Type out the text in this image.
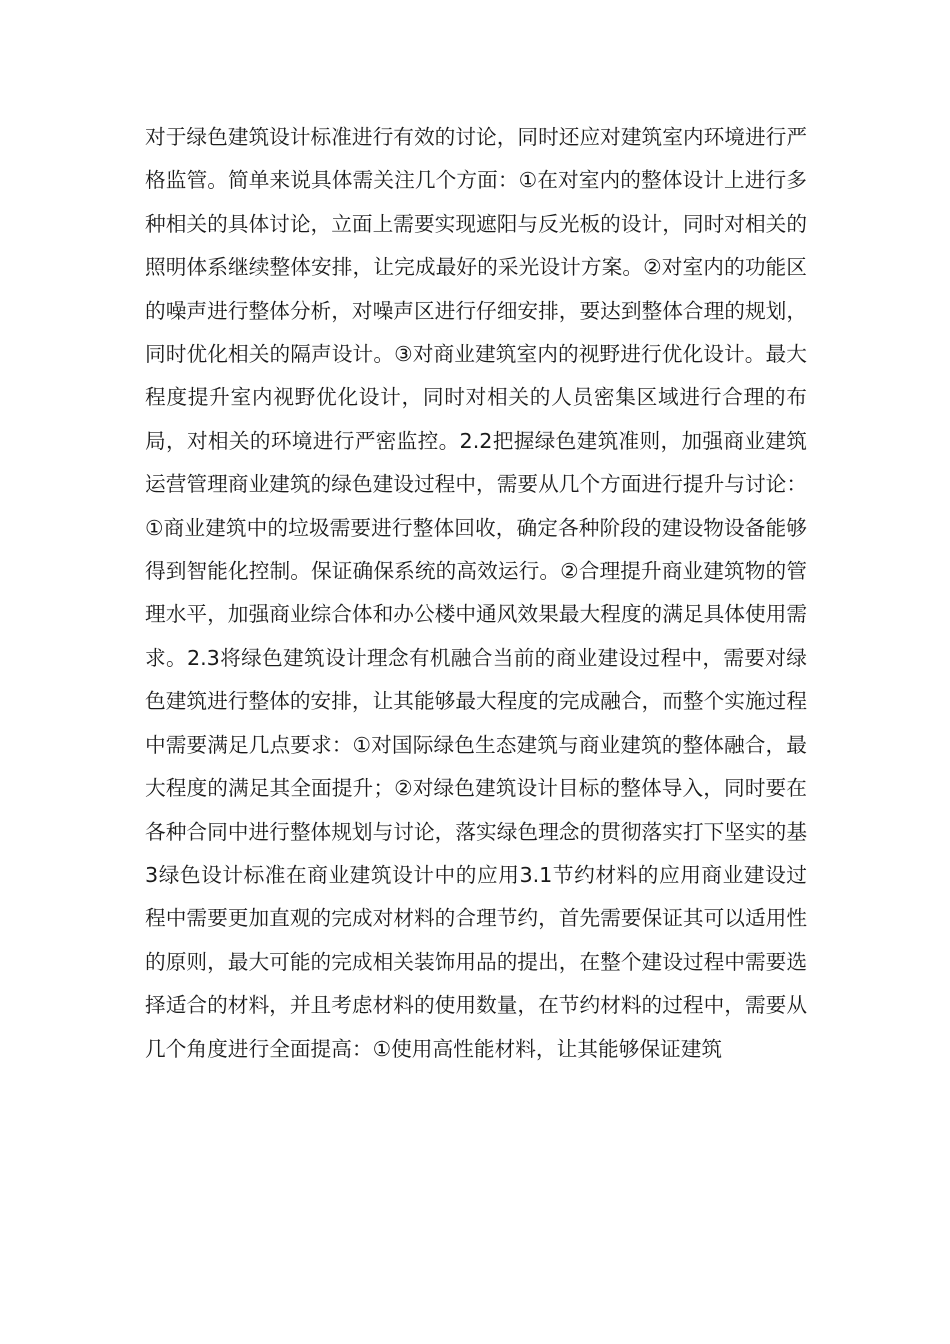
对于绿色建筑设计标准进行有效的讨论，同时还应对建筑室内环境进行严格监管。简单来说具体需关注几个方面：①在对室内的整体设计上进行多种相关的具体讨论，立面上需要实现遮阳与反光板的设计，同时对相关的照明体系继续整体安排，让完成最好的采光设计方案。②对室内的功能区的噪声进行整体分析，对噪声区进行仔细安排，要达到整体合理的规划，同时优化相关的隔声设计。③对商业建筑室内的视野进行优化设计。最大程度提升室内视野优化设计，同时对相关的人员密集区域进行合理的布局，对相关的环境进行严密监控。2.2把握绿色建筑准则，加强商业建筑运营管理商业建筑的绿色建设过程中，需要从几个方面进行提升与讨论：①商业建筑中的垃圾需要进行整体回收，确定各种阶段的建设物设备能够得到智能化控制。保证确保系统的高效运行。②合理提升商业建筑物的管理水平，加强商业综合体和办公楼中通风效果最大程度的满足具体使用需求。2.3将绿色建筑设计理念有机融合当前的商业建设过程中，需要对绿色建筑进行整体的安排，让其能够最大程度的完成融合，而整个实施过程中需要满足几点要求：①对国际绿色生态建筑与商业建筑的整体融合，最大程度的满足其全面提升；②对绿色建筑设计目标的整体导入，同时要在各种合同中进行整体规划与讨论，落实绿色理念的贯彻落实打下坚实的基3绿色设计标准在商业建筑设计中的应用3.1节约材料的应用商业建设过程中需要更加直观的完成对材料的合理节约，首先需要保证其可以适用性的原则，最大可能的完成相关装饰用品的提出，在整个建设过程中需要选择适合的材料，并且考虑材料的使用数量，在节约材料的过程中，需要从几个角度进行全面提高：①使用高性能材料，让其能够保证建筑
